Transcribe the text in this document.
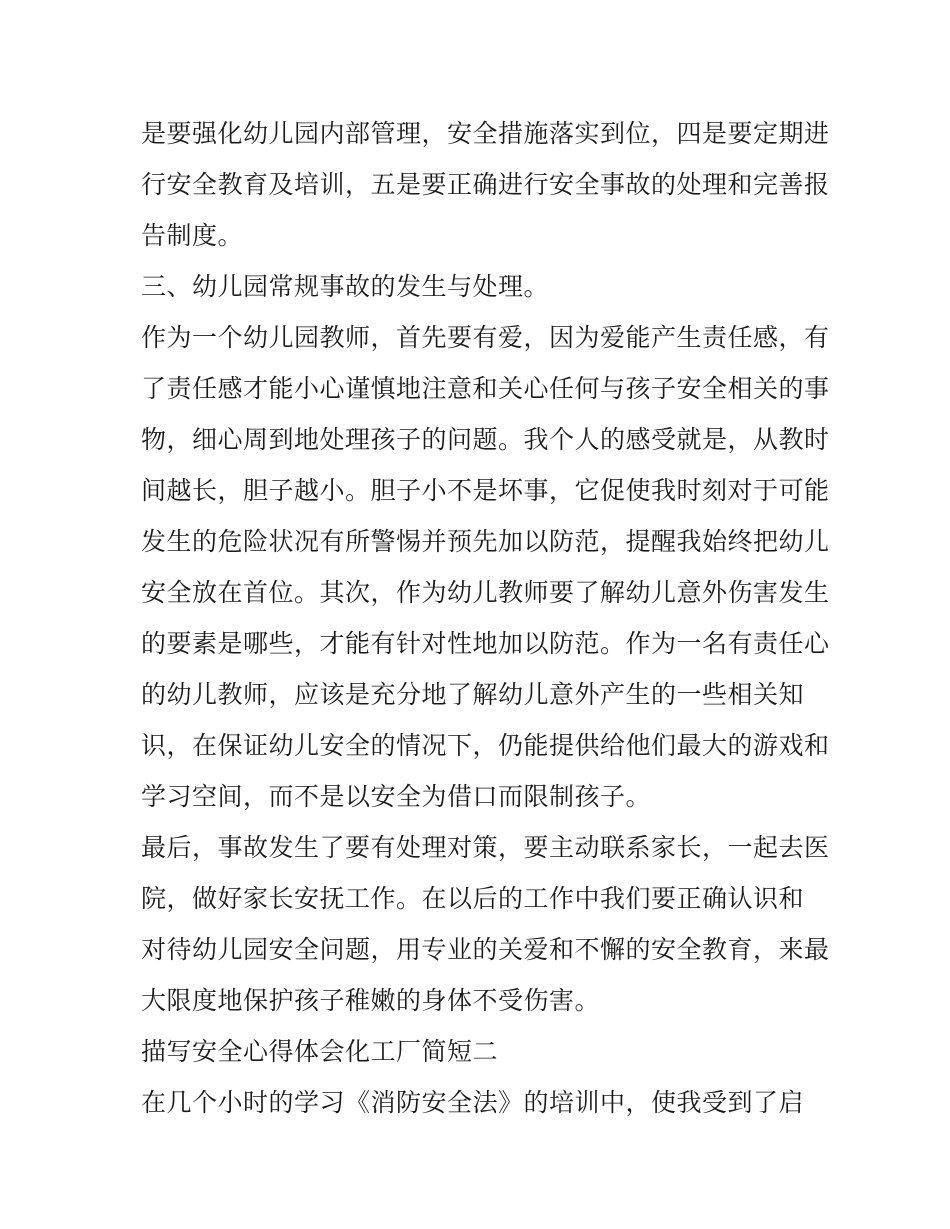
是要强化幼儿园内部管理，安全措施落实到位，四是要定期进
行安全教育及培训，五是要正确进行安全事故的处理和完善报
告制度。
三、幼儿园常规事故的发生与处理。
作为一个幼儿园教师，首先要有爱，因为爱能产生责任感，有
了责任感才能小心谨慎地注意和关心任何与孩子安全相关的事
物，细心周到地处理孩子的问题。我个人的感受就是，从教时
间越长，胆子越小。胆子小不是坏事，它促使我时刻对于可能
发生的危险状况有所警惕并预先加以防范，提醒我始终把幼儿
安全放在首位。其次，作为幼儿教师要了解幼儿意外伤害发生
的要素是哪些，才能有针对性地加以防范。作为一名有责任心
的幼儿教师，应该是充分地了解幼儿意外产生的一些相关知
识，在保证幼儿安全的情况下，仍能提供给他们最大的游戏和
学习空间，而不是以安全为借口而限制孩子。
最后，事故发生了要有处理对策，要主动联系家长，一起去医
院，做好家长安抚工作。在以后的工作中我们要正确认识和
对待幼儿园安全问题，用专业的关爱和不懈的安全教育，来最
大限度地保护孩子稚嫩的身体不受伤害。
描写安全心得体会化工厂简短二
在几个小时的学习《消防安全法》的培训中，使我受到了启
